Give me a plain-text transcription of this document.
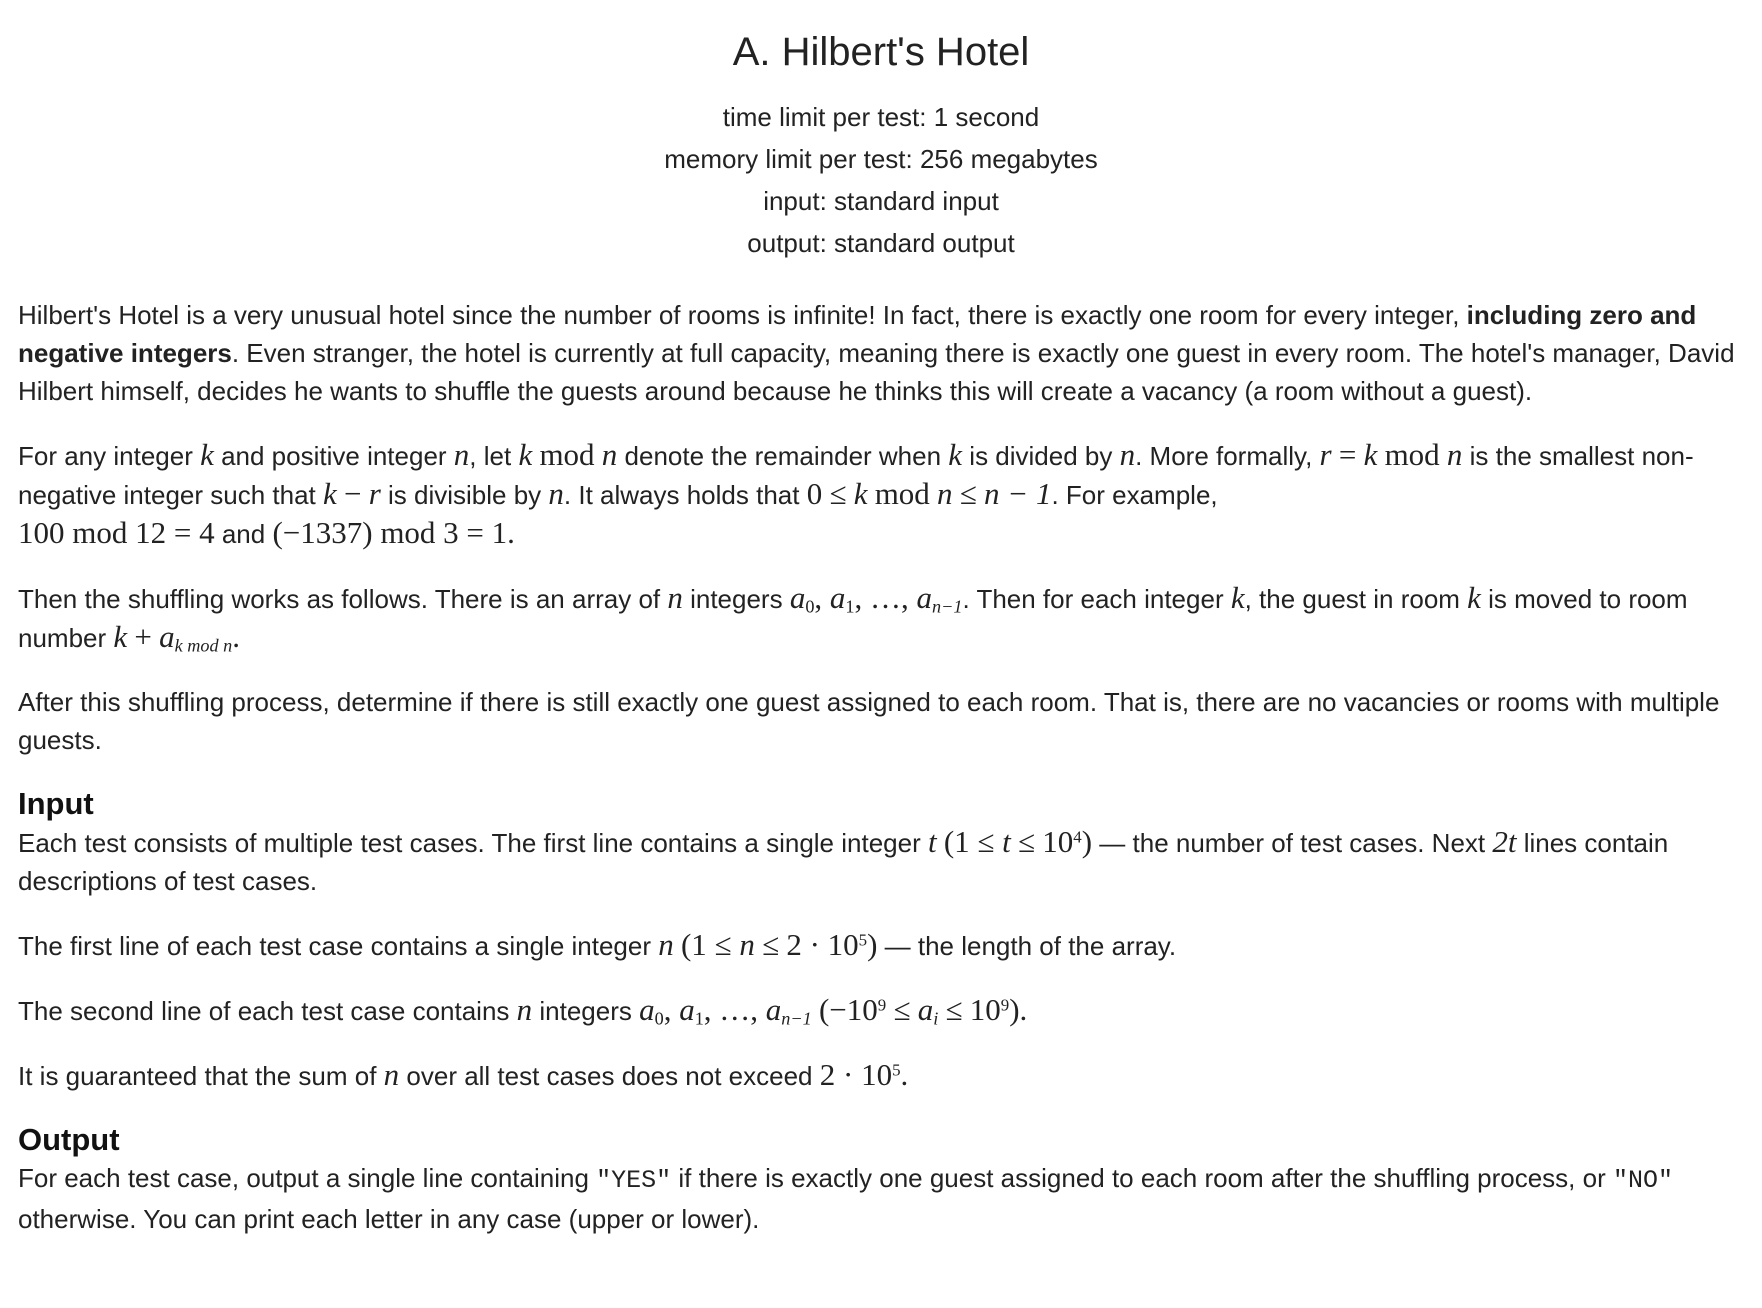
A. Hilbert's Hotel
time limit per test: 1 second
memory limit per test: 256 megabytes
input: standard input
output: standard output

Hilbert's Hotel is a very unusual hotel since the number of rooms is infinite! In fact, there is exactly one room for every integer, including zero and negative integers. Even stranger, the hotel is currently at full capacity, meaning there is exactly one guest in every room. The hotel's manager, David Hilbert himself, decides he wants to shuffle the guests around because he thinks this will create a vacancy (a room without a guest).

For any integer k and positive integer n, let k mod n denote the remainder when k is divided by n. More formally, r = k mod n is the smallest non-negative integer such that k − r is divisible by n. It always holds that 0 ≤ k mod n ≤ n − 1. For example,
100 mod 12 = 4 and (−1337) mod 3 = 1.

Then the shuffling works as follows. There is an array of n integers $a_0$, $a_1$, …, $a_{n-1}$. Then for each integer k, the guest in room k is moved to room number $k + a_{k mod n}$.

After this shuffling process, determine if there is still exactly one guest assigned to each room. That is, there are no vacancies or rooms with multiple guests.

Input

Each test consists of multiple test cases. The first line contains a single integer t $(1 \le t \le 10^4)$ — the number of test cases. Next 2t lines contain descriptions of test cases.

The first line of each test case contains a single integer n $(1 \le n \le 2 \cdot 10^5)$ — the length of the array.

The second line of each test case contains n integers $a_0$, $a_1$, …, $a_{n-1}$ $(-10^9 \le a_i \le 10^9)$.

It is guaranteed that the sum of n over all test cases does not exceed $2 \cdot 10^5$.

Output

For each test case, output a single line containing "YES" if there is exactly one guest assigned to each room after the shuffling process, or "NO" otherwise. You can print each letter in any case (upper or lower).
